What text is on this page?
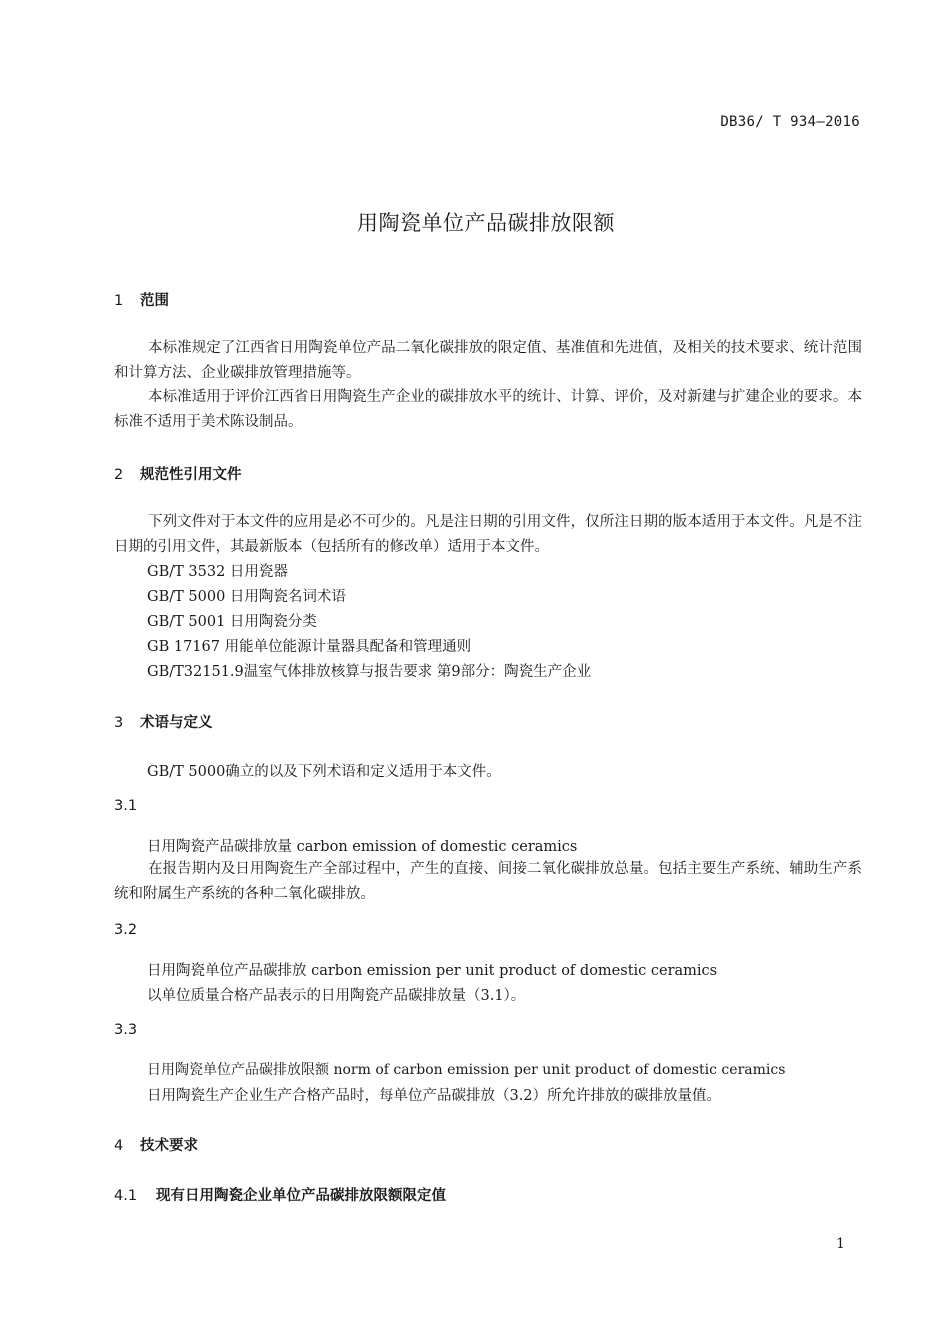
DB36/ T 934—2016
用陶瓷单位产品碳排放限额
1 范围
本标准规定了江西省日用陶瓷单位产品二氧化碳排放的限定值、基准值和先进值，及相关的技术要求、统计范围和计算方法、企业碳排放管理措施等。
本标准适用于评价江西省日用陶瓷生产企业的碳排放水平的统计、计算、评价，及对新建与扩建企业的要求。本标准不适用于美术陈设制品。
2 规范性引用文件
下列文件对于本文件的应用是必不可少的。凡是注日期的引用文件，仅所注日期的版本适用于本文件。凡是不注日期的引用文件，其最新版本（包括所有的修改单）适用于本文件。
GB/T 3532 日用瓷器
GB/T 5000 日用陶瓷名词术语
GB/T 5001 日用陶瓷分类
GB 17167 用能单位能源计量器具配备和管理通则
GB/T32151.9温室气体排放核算与报告要求 第9部分：陶瓷生产企业
3 术语与定义
GB/T 5000确立的以及下列术语和定义适用于本文件。
3.1
日用陶瓷产品碳排放量 carbon emission of domestic ceramics
在报告期内及日用陶瓷生产全部过程中，产生的直接、间接二氧化碳排放总量。包括主要生产系统、辅助生产系统和附属生产系统的各种二氧化碳排放。
3.2
日用陶瓷单位产品碳排放 carbon emission per unit product of domestic ceramics
以单位质量合格产品表示的日用陶瓷产品碳排放量（3.1）。
3.3
日用陶瓷单位产品碳排放限额 norm of carbon emission per unit product of domestic ceramics
日用陶瓷生产企业生产合格产品时，每单位产品碳排放（3.2）所允许排放的碳排放量值。
4 技术要求
4.1 现有日用陶瓷企业单位产品碳排放限额限定值
1
